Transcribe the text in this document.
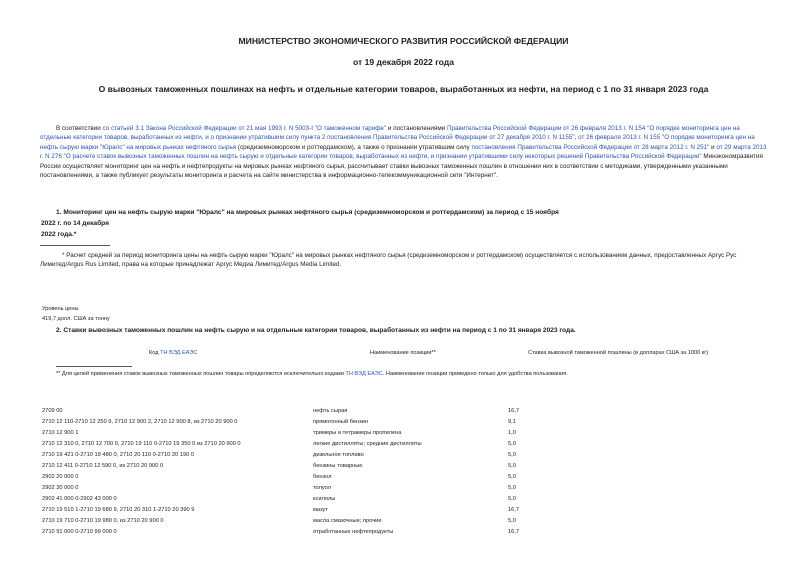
МИНИСТЕРСТВО ЭКОНОМИЧЕСКОГО РАЗВИТИЯ РОССИЙСКОЙ ФЕДЕРАЦИИ
от 19 декабря 2022 года
О вывозных таможенных пошлинах на нефть и отдельные категории товаров, выработанных из нефти, на период с 1 по 31 января 2023 года
В соответствии со статьей 3.1 Закона Российской Федерации от 21 мая 1993 г. N 5003-I "О таможенном тарифе" и постановлениями Правительства Российской Федерации от 26 февраля 2013 г. N 154 "О порядке мониторинга цен на отдельные категории товаров, выработанных из нефти, и о признании утратившим силу пункта 2 постановления Правительства Российской Федерации от 27 декабря 2010 г. N 1155", от 26 февраля 2013 г. N 155 "О порядке мониторинга цен на нефть сырую марки "Юралс" на мировых рынках нефтяного сырья (средиземноморском и роттердамском), а также о признании утратившим силу постановления Правительства Российской Федерации от 28 марта 2012 г. N 251" и от 29 марта 2013 г. N 276 "О расчете ставок вывозных таможенных пошлин на нефть сырую и отдельные категории товаров, выработанных из нефти, и признании утратившими силу некоторых решений Правительства Российской Федерации" Минэкономразвития России осуществляет мониторинг цен на нефть и нефтепродукты на мировых рынках нефтяного сырья, рассчитывает ставки вывозных таможенных пошлин в отношении них в соответствии с методиками, утвержденными указанными постановлениями, а также публикует результаты мониторинга и расчета на сайте министерства в информационно-телекоммуникационной сети "Интернет".
1. Мониторинг цен на нефть сырую марки "Юралс" на мировых рынках нефтяного сырья (средиземноморском и роттердамском) за период с 15 ноября
2022 г. по 14 декабря
2022 года.*
* Расчет средней за период мониторинга цены на нефть сырую марки "Юралс" на мировых рынках нефтяного сырья (средиземноморском и роттердамском) осуществляется с использованием данных, предоставленных Аргус Рус Лимитед/Argus Rus Limited, права на которые принадлежат Аргус Медиа Лимитед/Argus Media Limited.
Уровень цены
419,7 долл. США за тонну
2. Ставки вывозных таможенных пошлин на нефть сырую и на отдельные категории товаров, выработанных из нефти на период с 1 по 31 января 2023 года.
Код ТН ВЭД ЕАЭС	Наименование позиции**	Ставка вывозной таможенной пошлины (в долларах США за 1000 кг)
** Для целей применения ставок вывозных таможенных пошлин товары определяются исключительно кодами ТН ВЭД ЕАЭС. Наименование позиции приведено только для удобства пользования.
2709 00	нефть сырая	16,7
2710 12 110-2710 12 250 9, 2710 12 900 2, 2710 12 900 8, из 2710 20 900 0	прямогонный бензин	9,1
2710 12 900 1	тримеры и тетрамеры пропилена	1,0
2710 12 310 0, 2710 12 700 0, 2710 19 110 0-2710 19 350 0 из 2710 20 900 0	легкие дистилляты; средние дистилляты	5,0
2710 19 421 0-2710 19 480 0, 2710 20 110 0-2710 20 190 0	дизельное топливо	5,0
2710 12 411 0-2710 12 590 0, из 2710 20 900 0	бензины товарные	5,0
2902 20 000 0	бензол	5,0
2902 30 000 0	толуол	5,0
2902 41 000 0-2902 43 000 0	ксилолы	5,0
2710 19 510 1-2710 19 680 9, 2710 20 310 1-2710 20 390 9	мазут	16,7
2710 19 710 0-2710 19 980 0, из 2710 20 900 0	масла смазочные; прочие	5,0
2710 91 000 0-2710 99 000 0	отработанные нефтепродукты	16,7
